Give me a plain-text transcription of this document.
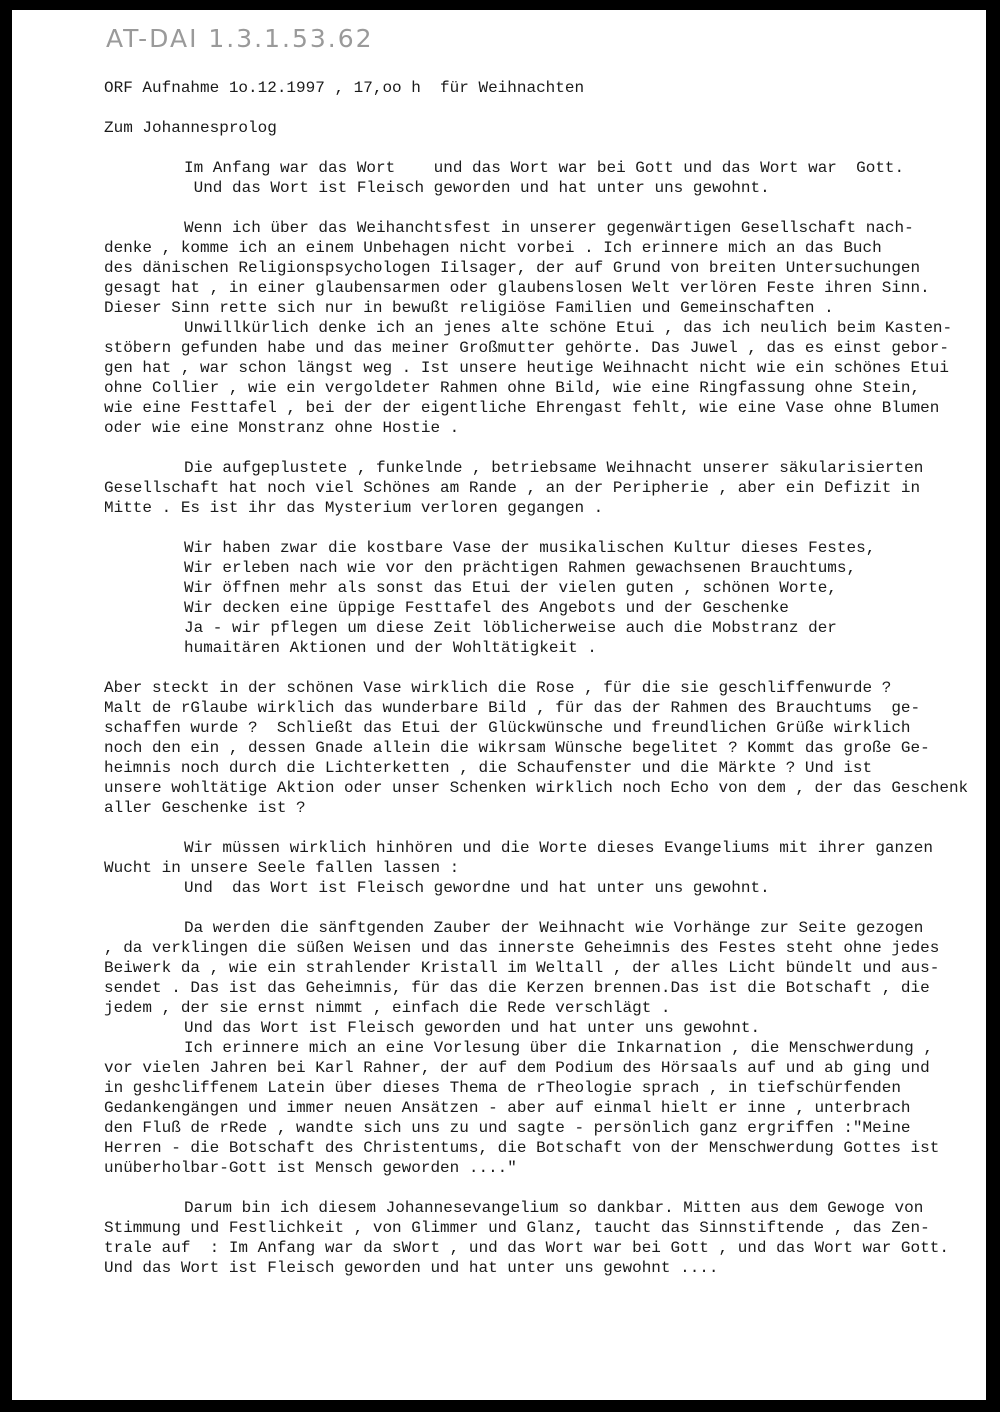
AT-DAI 1.3.1.53.62
ORF Aufnahme 1o.12.1997 , 17,oo h  für Weihnachten
Zum Johannesprolog
Im Anfang war das Wort    und das Wort war bei Gott und das Wort war  Gott.
Und das Wort ist Fleisch geworden und hat unter uns gewohnt.
Wenn ich über das Weihanchtsfest in unserer gegenwärtigen Gesellschaft nach-
denke , komme ich an einem Unbehagen nicht vorbei . Ich erinnere mich an das Buch
des dänischen Religionspsychologen Iilsager, der auf Grund von breiten Untersuchungen
gesagt hat , in einer glaubensarmen oder glaubenslosen Welt verlören Feste ihren Sinn.
Dieser Sinn rette sich nur in bewußt religiöse Familien und Gemeinschaften .
Unwillkürlich denke ich an jenes alte schöne Etui , das ich neulich beim Kasten-
stöbern gefunden habe und das meiner Großmutter gehörte. Das Juwel , das es einst gebor-
gen hat , war schon längst weg . Ist unsere heutige Weihnacht nicht wie ein schönes Etui
ohne Collier , wie ein vergoldeter Rahmen ohne Bild, wie eine Ringfassung ohne Stein,
wie eine Festtafel , bei der der eigentliche Ehrengast fehlt, wie eine Vase ohne Blumen
oder wie eine Monstranz ohne Hostie .
Die aufgeplustete , funkelnde , betriebsame Weihnacht unserer säkularisierten
Gesellschaft hat noch viel Schönes am Rande , an der Peripherie , aber ein Defizit in
Mitte . Es ist ihr das Mysterium verloren gegangen .
Wir haben zwar die kostbare Vase der musikalischen Kultur dieses Festes,
Wir erleben nach wie vor den prächtigen Rahmen gewachsenen Brauchtums,
Wir öffnen mehr als sonst das Etui der vielen guten , schönen Worte,
Wir decken eine üppige Festtafel des Angebots und der Geschenke
Ja - wir pflegen um diese Zeit löblicherweise auch die Mobstranz der
humaitären Aktionen und der Wohltätigkeit .
Aber steckt in der schönen Vase wirklich die Rose , für die sie geschliffenwurde ?
Malt de rGlaube wirklich das wunderbare Bild , für das der Rahmen des Brauchtums  ge-
schaffen wurde ?  Schließt das Etui der Glückwünsche und freundlichen Grüße wirklich
noch den ein , dessen Gnade allein die wikrsam Wünsche begelitet ? Kommt das große Ge-
heimnis noch durch die Lichterketten , die Schaufenster und die Märkte ? Und ist
unsere wohltätige Aktion oder unser Schenken wirklich noch Echo von dem , der das Geschenk
aller Geschenke ist ?
Wir müssen wirklich hinhören und die Worte dieses Evangeliums mit ihrer ganzen
Wucht in unsere Seele fallen lassen :
Und  das Wort ist Fleisch gewordne und hat unter uns gewohnt.
Da werden die sänftgenden Zauber der Weihnacht wie Vorhänge zur Seite gezogen
, da verklingen die süßen Weisen und das innerste Geheimnis des Festes steht ohne jedes
Beiwerk da , wie ein strahlender Kristall im Weltall , der alles Licht bündelt und aus-
sendet . Das ist das Geheimnis, für das die Kerzen brennen.Das ist die Botschaft , die
jedem , der sie ernst nimmt , einfach die Rede verschlägt .
Und das Wort ist Fleisch geworden und hat unter uns gewohnt.
Ich erinnere mich an eine Vorlesung über die Inkarnation , die Menschwerdung ,
vor vielen Jahren bei Karl Rahner, der auf dem Podium des Hörsaals auf und ab ging und
in geshcliffenem Latein über dieses Thema de rTheologie sprach , in tiefschürfenden
Gedankengängen und immer neuen Ansätzen - aber auf einmal hielt er inne , unterbrach
den Fluß de rRede , wandte sich uns zu und sagte - persönlich ganz ergriffen :"Meine
Herren - die Botschaft des Christentums, die Botschaft von der Menschwerdung Gottes ist
unüberholbar-Gott ist Mensch geworden ...."
Darum bin ich diesem Johannesevangelium so dankbar. Mitten aus dem Gewoge von
Stimmung und Festlichkeit , von Glimmer und Glanz, taucht das Sinnstiftende , das Zen-
trale auf  : Im Anfang war da sWort , und das Wort war bei Gott , und das Wort war Gott.
Und das Wort ist Fleisch geworden und hat unter uns gewohnt ....
